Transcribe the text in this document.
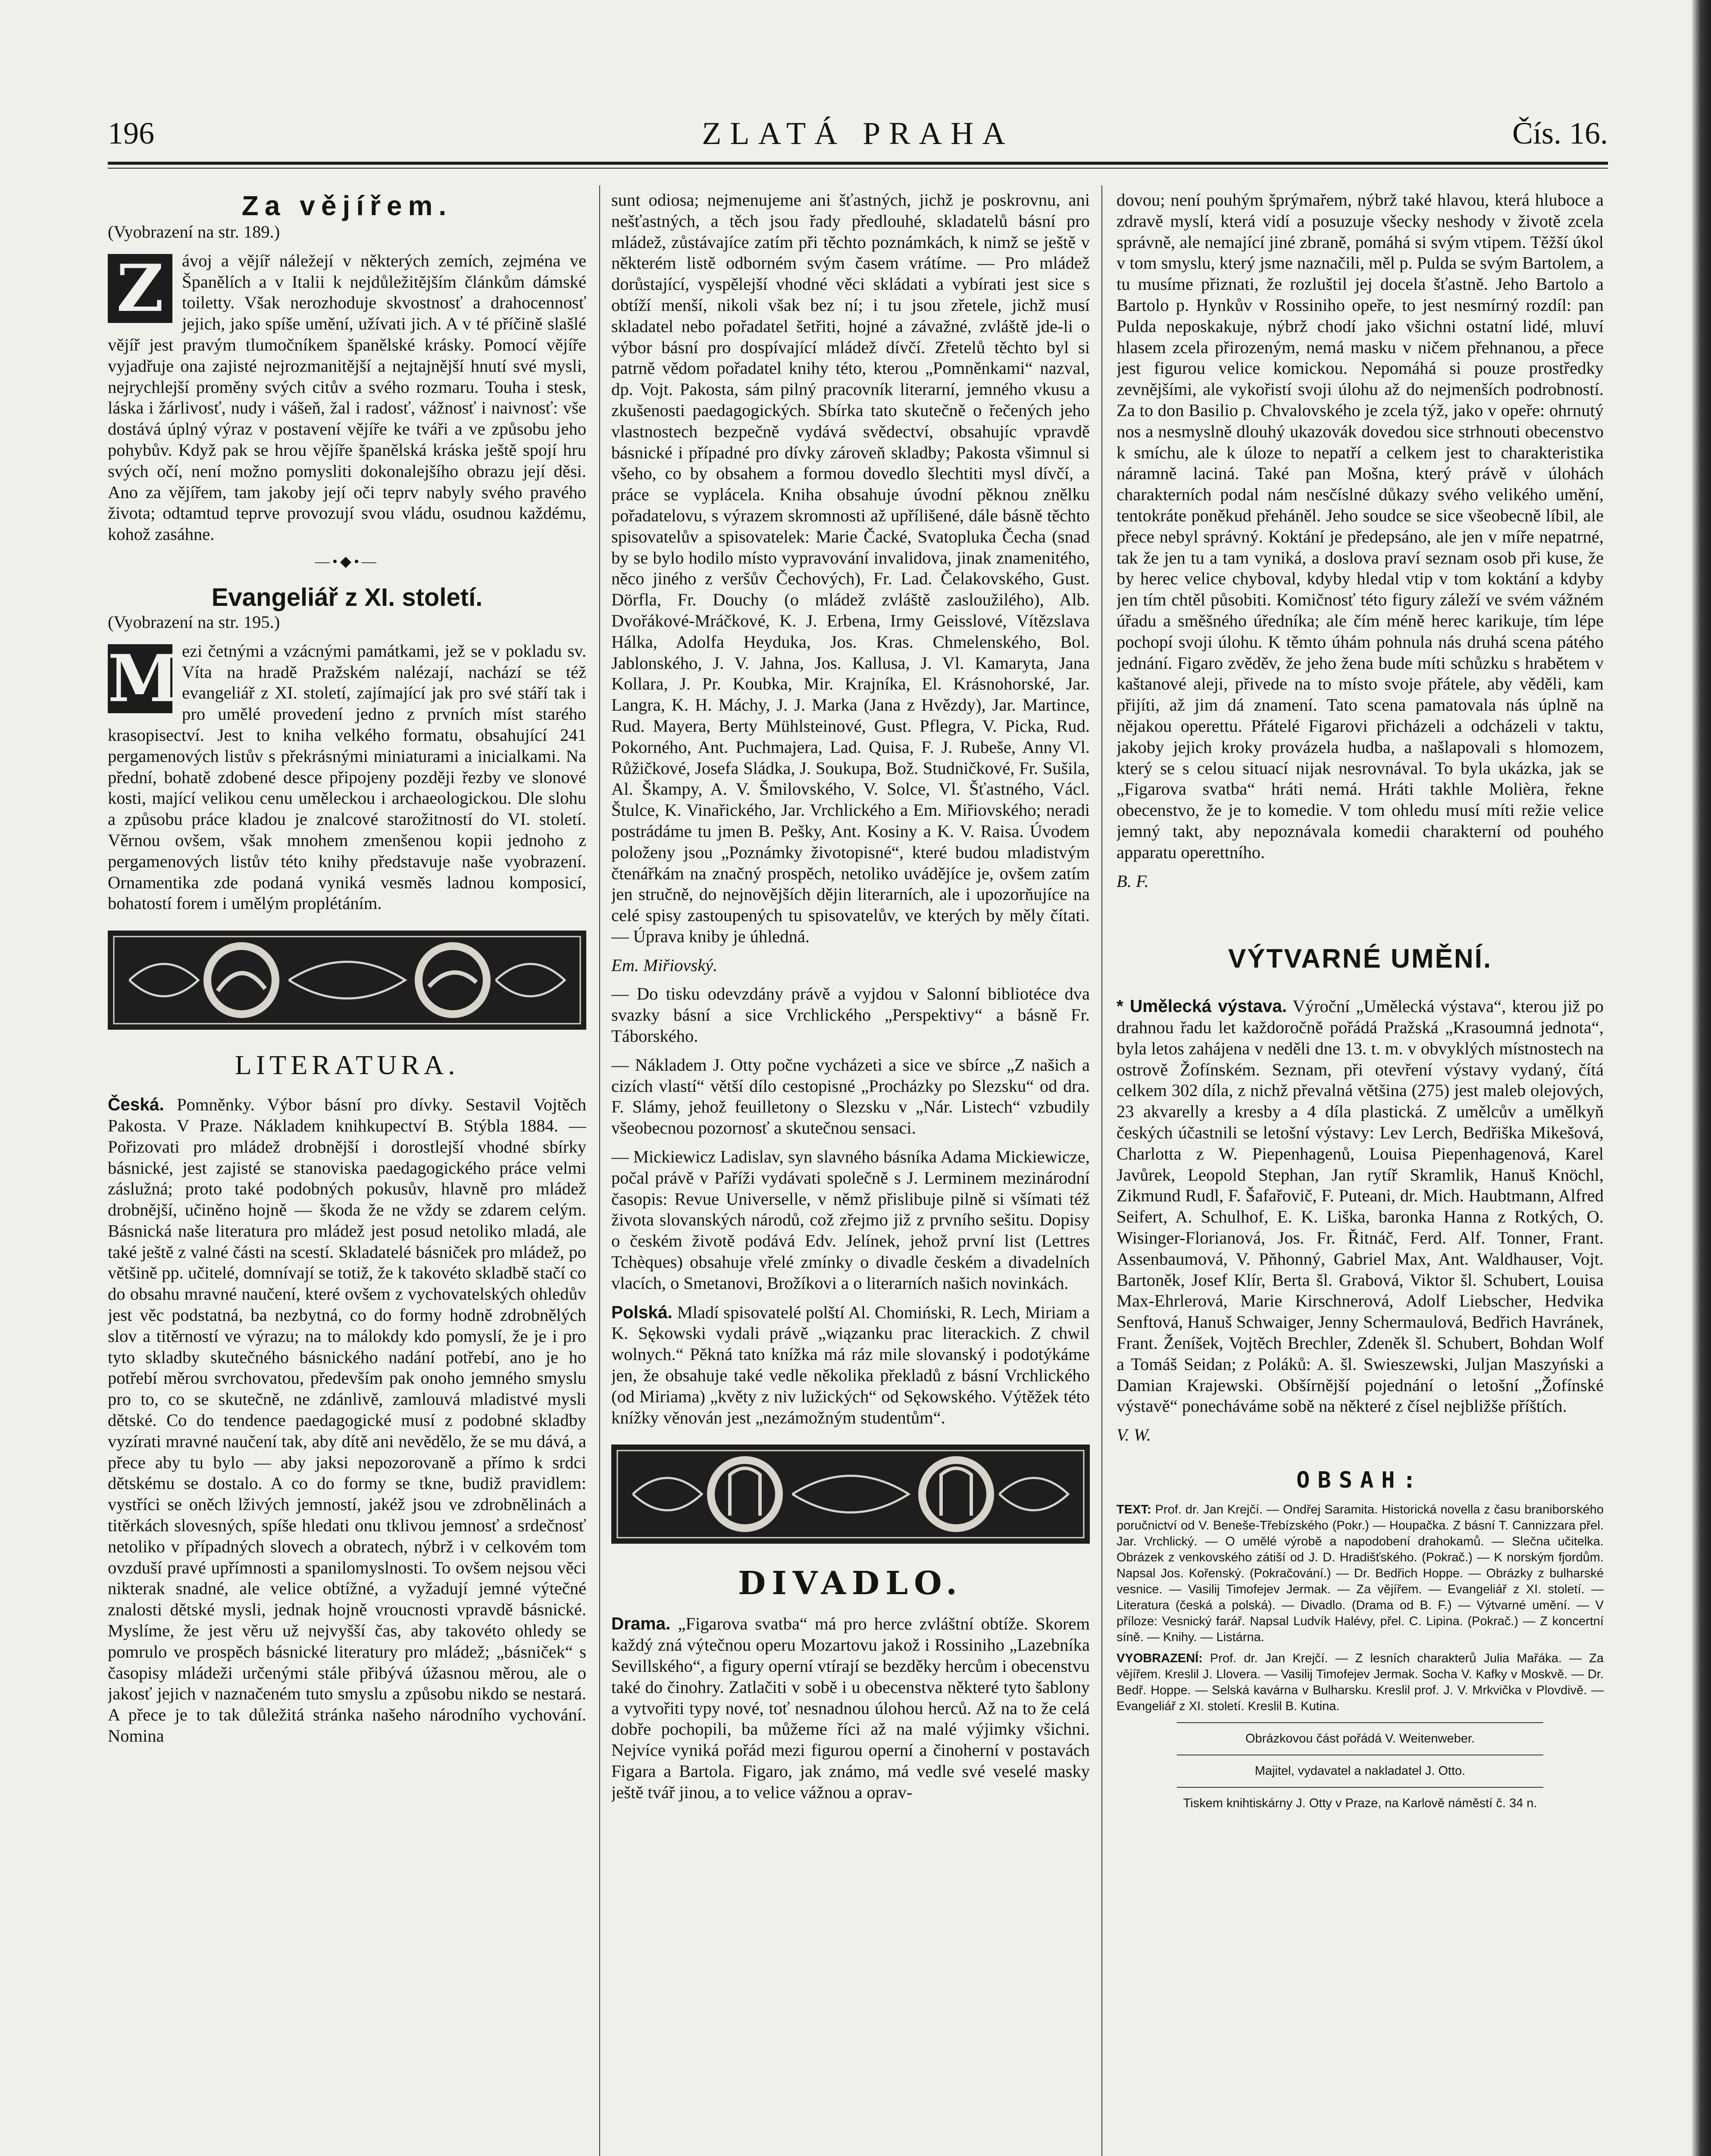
196	ZLATÁ PRAHA	Čís. 16.
Za vějířem.

(Vyobrazení na str. 189.)

Z	ávoj a vějíř náležejí v některých zemích, zejména ve Španělích a v Italii k nejdůležitějším článkům dámské toiletty. Však nerozhoduje skvostnosť a drahocennosť jejich, jako spíše umění, užívati jich. A v té příčině slašlé vějíř jest pravým tlumočníkem španělské krásky. Pomocí vějíře vyjadřuje ona zajisté nejrozmanitější a nejtajnější hnutí své mysli, nejrychlejší proměny svých citův a svého rozmaru. Touha i stesk, láska i žárlivosť, nudy i vášeň, žal i radosť, vážnosť i naivnosť: vše dostává úplný výraz v postavení vějíře ke tváři a ve způsobu jeho pohybův. Když pak se hrou vějíře španělská kráska ještě spojí hru svých očí, není možno pomysliti dokonalejšího obrazu její děsi. Ano za vějířem, tam jakoby její oči teprv nabyly svého pravého života; odtamtud teprve provozují svou vládu, osudnou každému, kohož zasáhne.

—•◆•—
Evangeliář z XI. století.

(Vyobrazení na str. 195.)

M ezi četnými a vzácnými památkami, jež se v pokladu sv. Víta na hradě Pražském nalézají, nachází se též evangeliář z XI. století, zajímající jak pro své stáří tak i pro umělé provedení jedno z prvních míst starého krasopisectví. Jest to kniha velkého formatu, obsahující 241 pergamenových listův s překrásnými miniaturami a inicialkami. Na přední, bohatě zdobené desce připojeny později řezby ve slonové kosti, mající velikou cenu uměleckou i archaeologickou. Dle slohu a způsobu práce kladou je znalcové starožitností do VI. století. Věrnou ovšem, však mnohem zmenšenou kopii jednoho z pergamenových listův této knihy představuje naše vyobrazení. Ornamentika zde podaná vyniká vesměs ladnou komposicí, bohatostí forem i umělým proplétáním.

LITERATURA.

Česká. Pomněnky. Výbor básní pro dívky. Sestavil Vojtěch Pakosta. V Praze. Nákladem knihkupectví B. Stýbla 1884. — Pořizovati pro mládež drobnější i dorostlejší vhodné sbírky básnické, jest zajisté se stanoviska paedagogického práce velmi záslužná; proto také podobných pokusův, hlavně pro mládež drobnější, učiněno hojně — škoda že ne vždy se zdarem celým. Básnická naše literatura pro mládež jest posud netoliko mladá, ale také ještě z valné části na scestí. Skladatelé básniček pro mládež, po většině pp. učitelé, domnívají se totiž, že k takovéto skladbě stačí co do obsahu mravné naučení, které ovšem z vychovatelských ohledův jest věc podstatná, ba nezbytná, co do formy hodně zdrobnělých slov a titěrností ve výrazu; na to málokdy kdo pomyslí, že je i pro tyto skladby skutečného básnického nadání potřebí, ano je ho potřebí měrou svrchovatou, především pak onoho jemného smyslu pro to, co se skutečně, ne zdánlivě, zamlouvá mladistvé mysli dětské. Co do tendence paedagogické musí z podobné skladby vyzírati mravné naučení tak, aby dítě ani nevědělo, že se mu dává, a přece aby tu bylo — aby jaksi nepozorovaně a přímo k srdci dětskému se dostalo. A co do formy se tkne, budiž pravidlem: vystříci se oněch lživých jemností, jakéž jsou ve zdrobnělinách a titěrkách slovesných, spíše hledati onu tklivou jemnosť a srdečnosť netoliko v případných slovech a obratech, nýbrž i v celkovém tom ovzduší pravé upřímnosti a spanilomyslnosti. To ovšem nejsou věci nikterak snadné, ale velice obtížné, a vyžadují jemné výtečné znalosti dětské mysli, jednak hojně vroucnosti vpravdě básnické. Myslíme, že jest věru už nejvyšší čas, aby takovéto ohledy se pomrulo ve prospěch básnické literatury pro mládež; „básniček“ s časopisy mládeži určenými stále přibývá úžasnou měrou, ale o jakosť jejich v naznačeném tuto smyslu a způsobu nikdo se nestará. A přece je to tak důležitá stránka našeho národního vychování. Nomina

sunt odiosa; nejmenujeme ani šťastných, jichž je poskrovnu, ani nešťastných, a těch jsou řady předlouhé, skladatelů básní pro mládež, zůstávajíce zatím při těchto poznámkách, k nimž se ještě v některém listě odborném svým časem vrátíme. — Pro mládež dorůstající, vyspělejší vhodné věci skládati a vybírati jest sice s obtíží menší, nikoli však bez ní; i tu jsou zřetele, jichž musí skladatel nebo pořadatel šetřiti, hojné a závažné, zvláště jde-li o výbor básní pro dospívající mládež dívčí. Zřetelů těchto byl si patrně vědom pořadatel knihy této, kterou „Pomněnkami“ nazval, dp. Vojt. Pakosta, sám pilný pracovník literarní, jemného vkusu a zkušenosti paedagogických. Sbírka tato skutečně o řečených jeho vlastnostech bezpečně vydává svědectví, obsahujíc vpravdě básnické i případné pro dívky zároveň skladby; Pakosta všimnul si všeho, co by obsahem a formou dovedlo šlechtiti mysl dívčí, a práce se vyplácela. Kniha obsahuje úvodní pěknou znělku pořadatelovu, s výrazem skromnosti až upřílišené, dále básně těchto spisovatelův a spisovatelek: Marie Čacké, Svatopluka Čecha (snad by se bylo hodilo místo vypravování invalidova, jinak znamenitého, něco jiného z veršův Čechových), Fr. Lad. Čelakovského, Gust. Dörfla, Fr. Douchy (o mládež zvláště zasloužilého), Alb. Dvořákové-Mráčkové, K. J. Erbena, Irmy Geisslové, Vítězslava Hálka, Adolfa Heyduka, Jos. Kras. Chmelenského, Bol. Jablonského, J. V. Jahna, Jos. Kallusa, J. Vl. Kamaryta, Jana Kollara, J. Pr. Koubka, Mir. Krajníka, El. Krásnohorské, Jar. Langra, K. H. Máchy, J. J. Marka (Jana z Hvězdy), Jar. Martince, Rud. Mayera, Berty Mühlsteinové, Gust. Pflegra, V. Picka, Rud. Pokorného, Ant. Puchmajera, Lad. Quisa, F. J. Rubeše, Anny Vl. Růžičkové, Josefa Sládka, J. Soukupa, Bož. Studničkové, Fr. Sušila, Al. Škampy, A. V. Šmilovského, V. Solce, Vl. Šťastného, Václ. Štulce, K. Vinařického, Jar. Vrchlického a Em. Miřiovského; neradi postrádáme tu jmen B. Pešky, Ant. Kosiny a K. V. Raisa. Úvodem položeny jsou „Poznámky životopisné“, které budou mladistvým čtenářkám na značný prospěch, netoliko uvádějíce je, ovšem zatím jen stručně, do nejnovějších dějin literarních, ale i upozorňujíce na celé spisy zastoupených tu spisovatelův, ve kterých by měly čítati. — Úprava kniby je úhledná.

Em. Miřiovský.

— Do tisku odevzdány právě a vyjdou v Salonní bibliotéce dva svazky básní a sice Vrchlického „Perspektivy“ a básně Fr. Táborského.

— Nákladem J. Otty počne vycházeti a sice ve sbírce „Z našich a cizích vlastí“ větší dílo cestopisné „Procházky po Slezsku“ od dra. F. Slámy, jehož feuilletony o Slezsku v „Nár. Listech“ vzbudily všeobecnou pozornosť a skutečnou sensaci.

— Mickiewicz Ladislav, syn slavného básníka Adama Mickiewicze, počal právě v Paříži vydávati společně s J. Lerminem mezinárodní časopis: Revue Universelle, v němž přislibuje pilně si všímati též života slovanských národů, což zřejmo již z prvního sešitu. Dopisy o českém životě podává Edv. Jelínek, jehož první list (Lettres Tchèques) obsahuje vřelé zmínky o divadle českém a divadelních vlacích, o Smetanovi, Brožíkovi a o literarních našich novinkách.

Polská. Mladí spisovatelé polští Al. Chomiński, R. Lech, Miriam a K. Sękowski vydali právě „wiązanku prac literackich. Z chwil wolnych.“ Pěkná tato knížka má ráz mile slovanský i podotýkáme jen, že obsahuje také vedle několika překladů z básní Vrchlického (od Miriama) „květy z niv lužických“ od Sękowského. Výtěžek této knížky věnován jest „nezámožným studentům“.

DIVADLO.

Drama. „Figarova svatba“ má pro herce zvláštní obtíže. Skorem každý zná výtečnou operu Mozartovu jakož i Rossiniho „Lazebníka Sevillského“, a figury operní vtírají se bezděky hercům i obecenstvu také do činohry. Zatlačiti v sobě i u obecenstva některé tyto šablony a vytvořiti typy nové, toť nesnadnou úlohou herců. Až na to že celá dobře pochopili, ba můžeme říci až na malé výjimky všichni. Nejvíce vyniká pořád mezi figurou operní a činoherní v postavách Figara a Bartola. Figaro, jak známo, má vedle své veselé masky ještě tvář jinou, a to velice vážnou a oprav-

dovou; není pouhým šprýmařem, nýbrž také hlavou, která hluboce a zdravě myslí, která vidí a posuzuje všecky neshody v životě zcela správně, ale nemající jiné zbraně, pomáhá si svým vtipem. Těžší úkol v tom smyslu, který jsme naznačili, měl p. Pulda se svým Bartolem, a tu musíme přiznati, že rozluštil jej docela šťastně. Jeho Bartolo a Bartolo p. Hynkův v Rossiniho opeře, to jest nesmírný rozdíl: pan Pulda neposkakuje, nýbrž chodí jako všichni ostatní lidé, mluví hlasem zcela přirozeným, nemá masku v ničem přehnanou, a přece jest figurou velice komickou. Nepomáhá si pouze prostředky zevnějšími, ale vykořistí svoji úlohu až do nejmenších podrobností. Za to don Basilio p. Chvalovského je zcela týž, jako v opeře: ohrnutý nos a nesmyslně dlouhý ukazovák dovedou sice strhnouti obecenstvo k smíchu, ale k úloze to nepatří a celkem jest to charakteristika náramně laciná. Také pan Mošna, který právě v úlohách charakterních podal nám nesčíslné důkazy svého velikého umění, tentokráte poněkud přeháněl. Jeho soudce se sice všeobecně líbil, ale přece nebyl správný. Koktání je předepsáno, ale jen v míře nepatrné, tak že jen tu a tam vyniká, a doslova praví seznam osob při kuse, že by herec velice chyboval, kdyby hledal vtip v tom koktání a kdyby jen tím chtěl působiti. Komičnosť této figury záleží ve svém vážném úřadu a směšného úředníka; ale čím méně herec karikuje, tím lépe pochopí svoji úlohu. K těmto úhám pohnula nás druhá scena pátého jednání. Figaro zvěděv, že jeho žena bude míti schůzku s hrabětem v kaštanové aleji, přivede na to místo svoje přátele, aby věděli, kam přijíti, až jim dá znamení. Tato scena pamatovala nás úplně na nějakou operettu. Přátelé Figarovi přicházeli a odcházeli v taktu, jakoby jejich kroky provázela hudba, a našlapovali s hlomozem, který se s celou situací nijak nesrovnával. To byla ukázka, jak se „Figarova svatba“ hráti nemá. Hráti takhle Molièra, řekne obecenstvo, že je to komedie. V tom ohledu musí míti režie velice jemný takt, aby nepoznávala komedii charakterní od pouhého apparatu operettního.

B. F.

VÝTVARNÉ UMĚNÍ.

* Umělecká výstava. Výroční „Umělecká výstava“, kterou již po drahnou řadu let každoročně pořádá Pražská „Krasoumná jednota“, byla letos zahájena v neděli dne 13. t. m. v obvyklých místnostech na ostrově Žofínském. Seznam, při otevření výstavy vydaný, čítá celkem 302 díla, z nichž převalná většina (275) jest maleb olejových, 23 akvarelly a kresby a 4 díla plastická. Z umělcův a umělkyň českých účastnili se letošní výstavy: Lev Lerch, Bedřiška Mikešová, Charlotta z W. Piepenhagenů, Louisa Piepenhagenová, Karel Javůrek, Leopold Stephan, Jan rytíř Skramlik, Hanuš Knöchl, Zikmund Rudl, F. Šafařovič, F. Puteani, dr. Mich. Haubtmann, Alfred Seifert, A. Schulhof, E. K. Liška, baronka Hanna z Rotkých, O. Wisinger-Florianová, Jos. Fr. Řitnáč, Ferd. Alf. Tonner, Frant. Assenbaumová, V. Pňhonný, Gabriel Max, Ant. Waldhauser, Vojt. Bartoněk, Josef Klír, Berta šl. Grabová, Viktor šl. Schubert, Louisa Max-Ehrlerová, Marie Kirschnerová, Adolf Liebscher, Hedvika Senftová, Hanuš Schwaiger, Jenny Schermaulová, Bedřich Havránek, Frant. Ženíšek, Vojtěch Brechler, Zdeněk šl. Schubert, Bohdan Wolf a Tomáš Seidan; z Poláků: A. šl. Swieszewski, Juljan Maszyński a Damian Krajewski. Obšírnější pojednání o letošní „Žofínské výstavě“ ponecháváme sobě na některé z čísel nejbližše příštích.

V. W.

OBSAH:

TEXT: Prof. dr. Jan Krejčí. — Ondřej Saramita. Historická novella z času braniborského poručnictví od V. Beneše-Třebízského (Pokr.) — Houpačka. Z básní T. Cannizzara přel. Jar. Vrchlický. — O umělé výrobě a napodobení drahokamů. — Slečna učitelka. Obrázek z venkovského zátiší od J. D. Hradišťského. (Pokrač.) — K norským fjordům. Napsal Jos. Kořenský. (Pokračování.) — Dr. Bedřich Hoppe. — Obrázky z bulharské vesnice. — Vasilij Timofejev Jermak. — Za vějířem. — Evangeliář z XI. století. — Literatura (česká a polská). — Divadlo. (Drama od B. F.) — Výtvarné umění. — V příloze: Vesnický farář. Napsal Ludvík Halévy, přel. C. Lipina. (Pokrač.) — Z koncertní síně. — Knihy. — Listárna.

VYOBRAZENÍ: Prof. dr. Jan Krejčí. — Z lesních charakterů Julia Mařáka. — Za vějířem. Kreslil J. Llovera. — Vasilij Timofejev Jermak. Socha V. Kafky v Moskvě. — Dr. Bedř. Hoppe. — Selská kavárna v Bulharsku. Kreslil prof. J. V. Mrkvička v Plovdivě. — Evangeliář z XI. století. Kreslil B. Kutina.

Obrázkovou část pořádá V. Weitenweber.

Majitel, vydavatel a nakladatel J. Otto.

Tiskem knihtiskárny J. Otty v Praze, na Karlově náměstí č. 34 n.
